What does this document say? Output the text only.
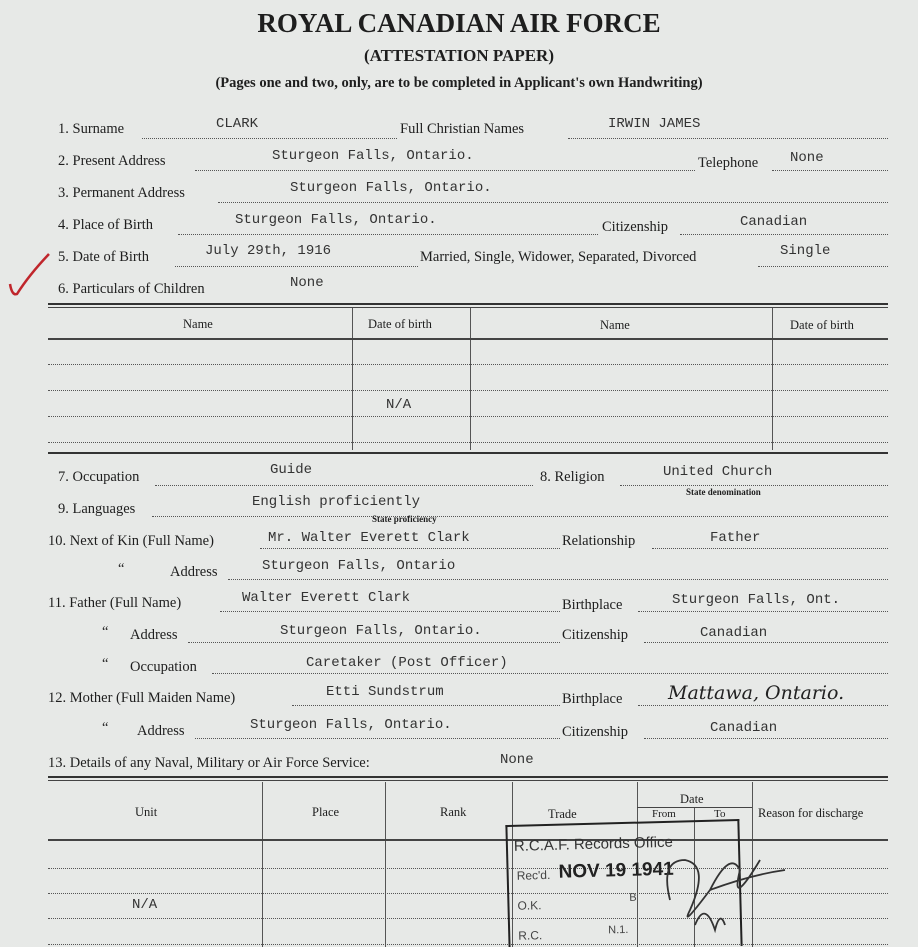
ROYAL CANADIAN AIR FORCE
(ATTESTATION PAPER)
(Pages one and two, only, are to be completed in Applicant's own Handwriting)
1. Surname	CLARK	Full Christian Names	IRWIN JAMES
2. Present Address	Sturgeon Falls, Ontario.	Telephone None
3. Permanent Address	Sturgeon Falls, Ontario.
4. Place of Birth	Sturgeon Falls, Ontario.	Citizenship	Canadian
5. Date of Birth	July 29th, 1916	Married, Single, Widower, Separated, Divorced	Single
6. Particulars of Children	None
Name	Date of birth	Name	Date of birth
N/A
7. Occupation	Guide	8. Religion	United Church
State denomination
9. Languages	English proficiently
State proficiency
10. Next of Kin (Full Name)	Mr. Walter Everett Clark	Relationship	Father
“	Address	Sturgeon Falls, Ontario
11. Father (Full Name)	Walter Everett Clark	Birthplace	Sturgeon Falls, Ont.
“ Address	Sturgeon Falls, Ontario.	Citizenship	Canadian
“ Occupation	Caretaker (Post Officer)
12. Mother (Full Maiden Name)	Etti Sundstrum	Birthplace Mattawa, Ontario.
“ Address	Sturgeon Falls, Ontario.	Citizenship	Canadian
13. Details of any Naval, Military or Air Force Service:	None
Unit	Place	Rank	Trade
Date
From	To	Reason for discharge
N/A
R.C.A.F. Records Office
Rec'd. NOV 19 1941
O.K.
B
R.C.	N.1.
